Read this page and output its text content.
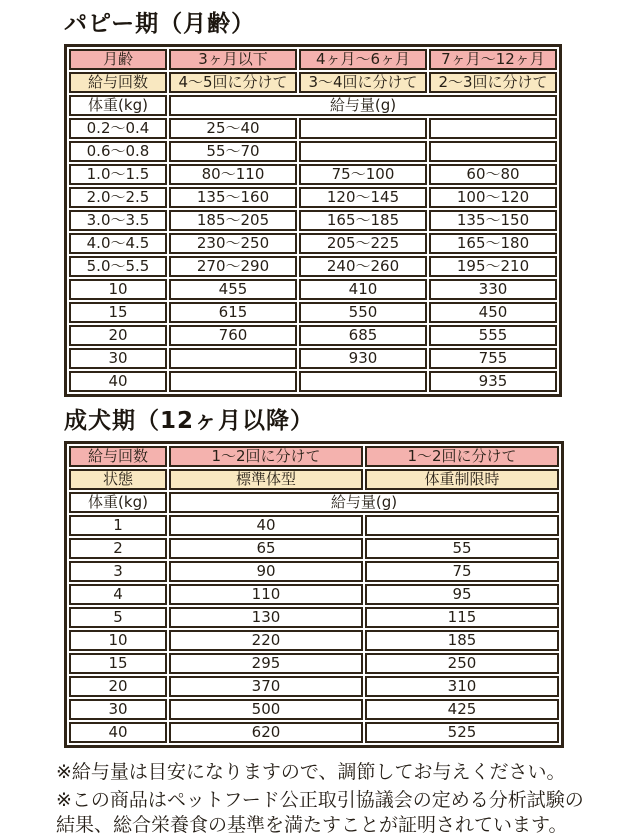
パピー期（月齢）
月齢	3ヶ月以下	4ヶ月～6ヶ月	7ヶ月～12ヶ月
給与回数	4～5回に分けて	3～4回に分けて	2～3回に分けて
体重(kg)	給与量(g)		
0.2～0.4	25～40		
0.6～0.8	55～70		
1.0～1.5	80～110	75～100	60～80
2.0～2.5	135～160	120～145	100～120
3.0～3.5	185～205	165～185	135～150
4.0～4.5	230～250	205～225	165～180
5.0～5.5	270～290	240～260	195～210
10	455	410	330
15	615	550	450
20	760	685	555
30		930	755
40			935
成犬期（12ヶ月以降）
給与回数	1～2回に分けて	1～2回に分けて
状態	標準体型	体重制限時
体重(kg)	給与量(g)	
1	40	
2	65	55
3	90	75
4	110	95
5	130	115
10	220	185
15	295	250
20	370	310
30	500	425
40	620	525

※給与量は目安になりますので、調節してお与えください。

※この商品はペットフード公正取引協議会の定める分析試験の結果、総合栄養食の基準を満たすことが証明されています。
